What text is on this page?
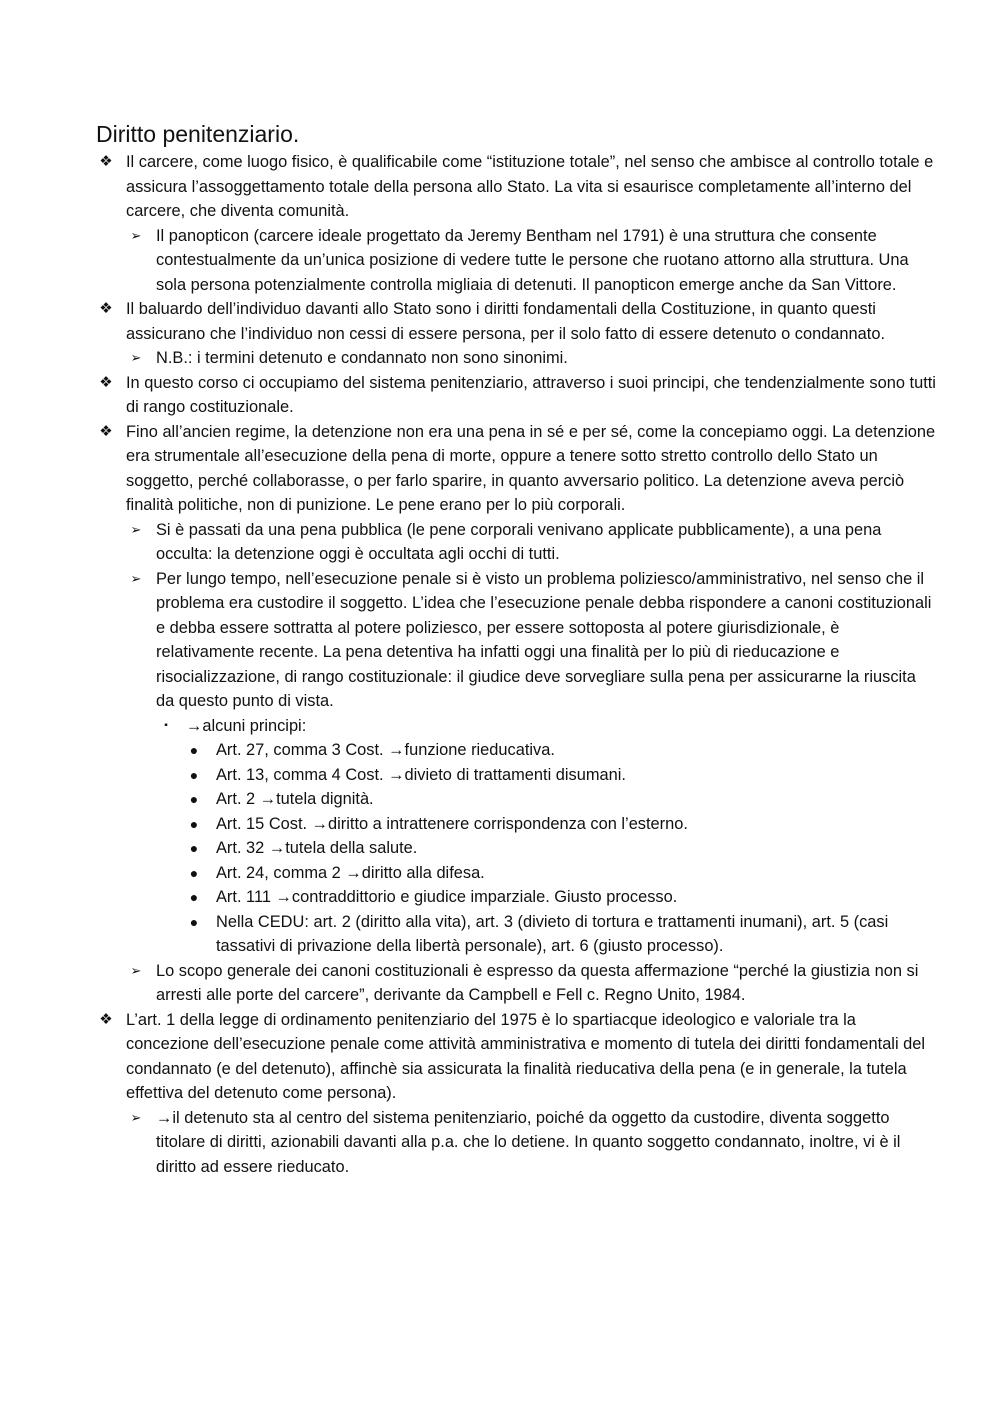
Diritto penitenziario.
❖ Il carcere, come luogo fisico, è qualificabile come “istituzione totale”, nel senso che ambisce al controllo totale e assicura l’assoggettamento totale della persona allo Stato. La vita si esaurisce completamente all’interno del carcere, che diventa comunità.
➢ Il panopticon (carcere ideale progettato da Jeremy Bentham nel 1791) è una struttura che consente contestualmente da un’unica posizione di vedere tutte le persone che ruotano attorno alla struttura. Una sola persona potenzialmente controlla migliaia di detenuti. Il panopticon emerge anche da San Vittore.
❖ Il baluardo dell’individuo davanti allo Stato sono i diritti fondamentali della Costituzione, in quanto questi assicurano che l’individuo non cessi di essere persona, per il solo fatto di essere detenuto o condannato.
➢ N.B.: i termini detenuto e condannato non sono sinonimi.
❖ In questo corso ci occupiamo del sistema penitenziario, attraverso i suoi principi, che tendenzialmente sono tutti di rango costituzionale.
❖ Fino all’ancien regime, la detenzione non era una pena in sé e per sé, come la concepiamo oggi. La detenzione era strumentale all’esecuzione della pena di morte, oppure a tenere sotto stretto controllo dello Stato un soggetto, perché collaborasse, o per farlo sparire, in quanto avversario politico. La detenzione aveva perciò finalità politiche, non di punizione. Le pene erano per lo più corporali.
➢ Si è passati da una pena pubblica (le pene corporali venivano applicate pubblicamente), a una pena occulta: la detenzione oggi è occultata agli occhi di tutti.
➢ Per lungo tempo, nell’esecuzione penale si è visto un problema poliziesco/amministrativo, nel senso che il problema era custodire il soggetto. L’idea che l’esecuzione penale debba rispondere a canoni costituzionali e debba essere sottratta al potere poliziesco, per essere sottoposta al potere giurisdizionale, è relativamente recente. La pena detentiva ha infatti oggi una finalità per lo più di rieducazione e risocializzazione, di rango costituzionale: il giudice deve sorvegliare sulla pena per assicurarne la riuscita da questo punto di vista.
▪	→alcuni principi:
●	Art. 27, comma 3 Cost. →funzione rieducativa.
●	Art. 13, comma 4 Cost. →divieto di trattamenti disumani.
●	Art. 2 →tutela dignità.
●	Art. 15 Cost. →diritto a intrattenere corrispondenza con l’esterno.
●	Art. 32 →tutela della salute.
●	Art. 24, comma 2 →diritto alla difesa.
●	Art. 111 →contraddittorio e giudice imparziale. Giusto processo.
●	Nella CEDU: art. 2 (diritto alla vita), art. 3 (divieto di tortura e trattamenti inumani), art. 5 (casi tassativi di privazione della libertà personale), art. 6 (giusto processo).
➢ Lo scopo generale dei canoni costituzionali è espresso da questa affermazione “perché la giustizia non si arresti alle porte del carcere”, derivante da Campbell e Fell c. Regno Unito, 1984.
❖ L’art. 1 della legge di ordinamento penitenziario del 1975 è lo spartiacque ideologico e valoriale tra la concezione dell’esecuzione penale come attività amministrativa e momento di tutela dei diritti fondamentali del condannato (e del detenuto), affinchè sia assicurata la finalità rieducativa della pena (e in generale, la tutela effettiva del detenuto come persona).
➢ →il detenuto sta al centro del sistema penitenziario, poiché da oggetto da custodire, diventa soggetto titolare di diritti, azionabili davanti alla p.a. che lo detiene. In quanto soggetto condannato, inoltre, vi è il diritto ad essere rieducato.
